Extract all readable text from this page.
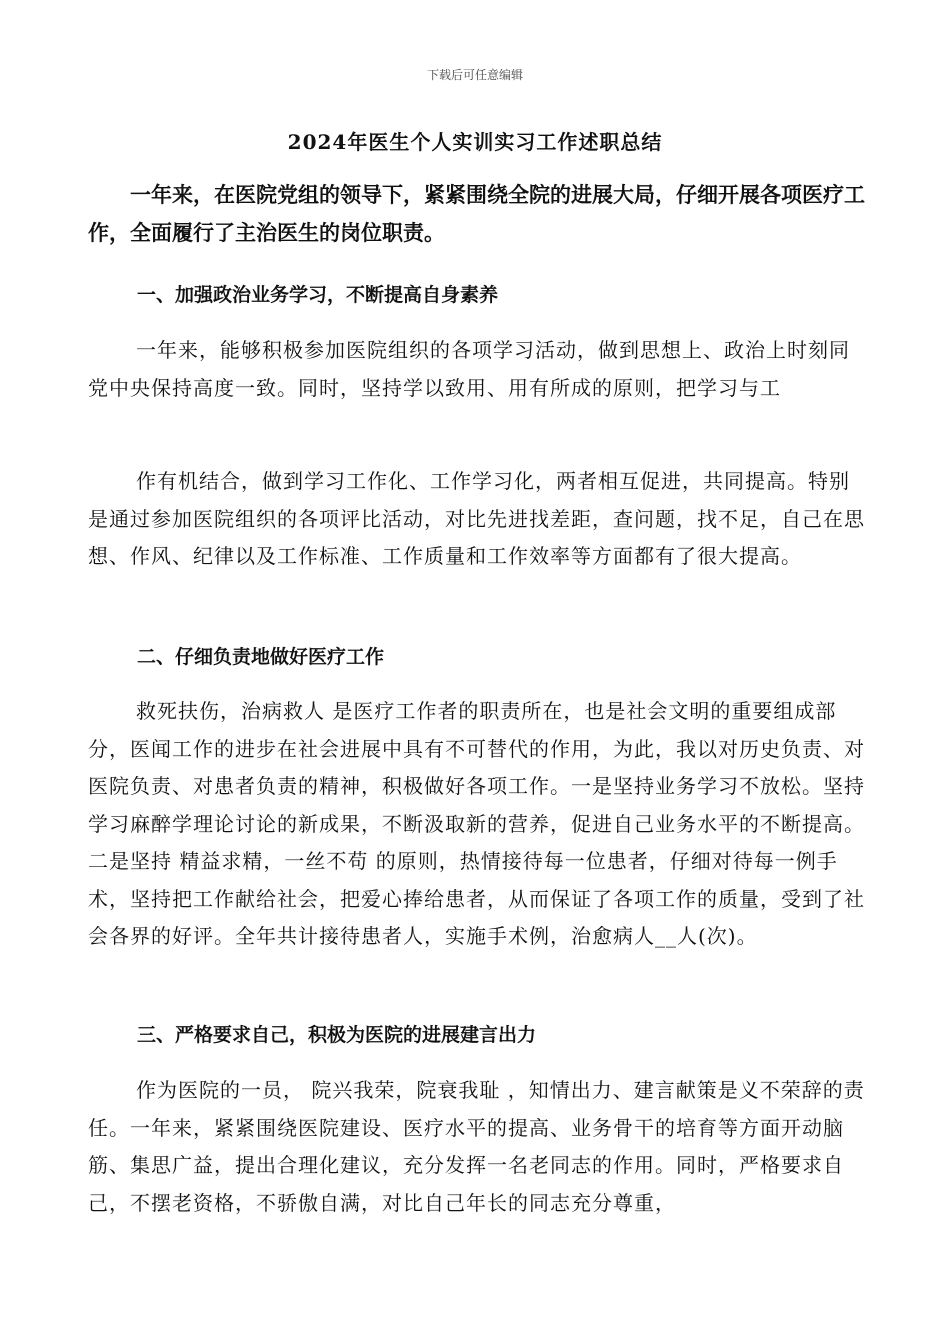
下载后可任意编辑
2024年医生个人实训实习工作述职总结

一年来，在医院党组的领导下，紧紧围绕全院的进展大局，仔细开展各项医疗工作，全面履行了主治医生的岗位职责。

一、加强政治业务学习，不断提高自身素养

一年来，能够积极参加医院组织的各项学习活动，做到思想上、政治上时刻同党中央保持高度一致。同时，坚持学以致用、用有所成的原则，把学习与工

作有机结合，做到学习工作化、工作学习化，两者相互促进，共同提高。特别是通过参加医院组织的各项评比活动，对比先进找差距，查问题，找不足，自己在思想、作风、纪律以及工作标准、工作质量和工作效率等方面都有了很大提高。

二、仔细负责地做好医疗工作

救死扶伤，治病救人 是医疗工作者的职责所在，也是社会文明的重要组成部分，医闻工作的进步在社会进展中具有不可替代的作用，为此，我以对历史负责、对医院负责、对患者负责的精神，积极做好各项工作。一是坚持业务学习不放松。坚持学习麻醉学理论讨论的新成果，不断汲取新的营养，促进自己业务水平的不断提高。二是坚持 精益求精，一丝不苟 的原则，热情接待每一位患者，仔细对待每一例手术，坚持把工作献给社会，把爱心捧给患者，从而保证了各项工作的质量，受到了社会各界的好评。全年共计接待患者人，实施手术例，治愈病人__人(次)。

三、严格要求自己，积极为医院的进展建言出力

作为医院的一员， 院兴我荣，院衰我耻 ，知情出力、建言献策是义不荣辞的责任。一年来，紧紧围绕医院建设、医疗水平的提高、业务骨干的培育等方面开动脑筋、集思广益，提出合理化建议，充分发挥一名老同志的作用。同时，严格要求自己，不摆老资格，不骄傲自满，对比自己年长的同志充分尊重，
